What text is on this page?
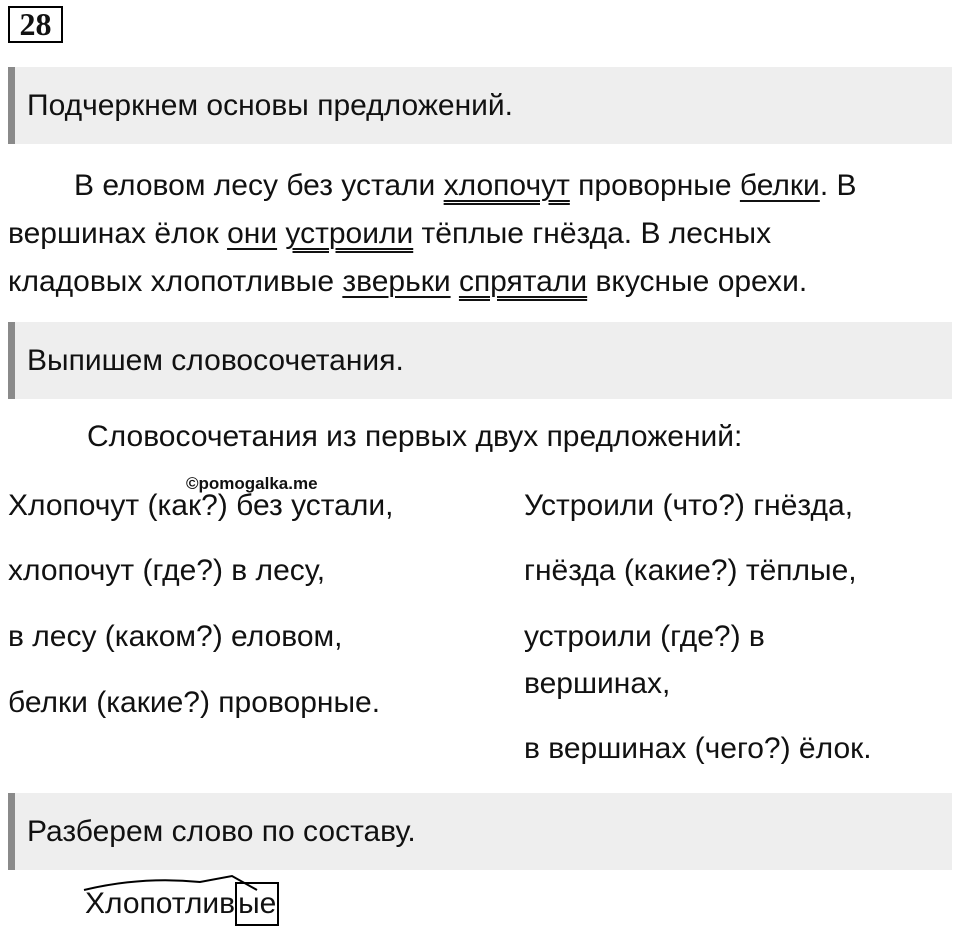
28
Подчеркнем основы предложений.
В еловом лесу без устали хлопочут проворные белки. В
вершинах ёлок они устроили тёплые гнёзда. В лесных
кладовых хлопотливые зверьки спрятали вкусные орехи.
Выпишем словосочетания.
Словосочетания из первых двух предложений:
©pomogalka.me
Хлопочут (как?) без устали,
хлопочут (где?) в лесу,
в лесу (каком?) еловом,
белки (какие?) проворные.
Устроили (что?) гнёзда,
гнёзда (какие?) тёплые,
устроили (где?) в
вершинах,
в вершинах (чего?) ёлок.
Разберем слово по составу.
Хлопотлив ые
